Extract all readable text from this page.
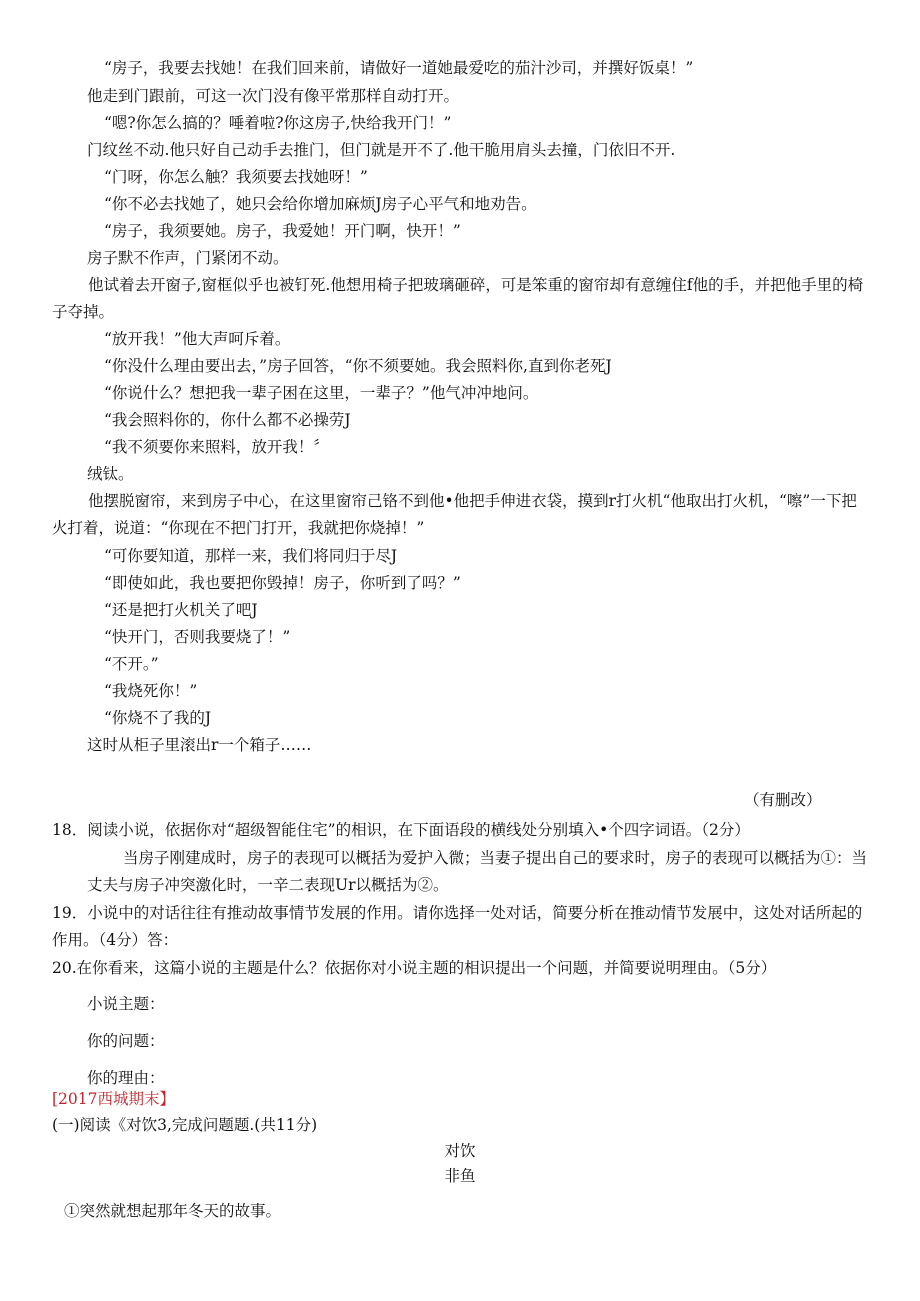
“房子，我要去找她！在我们回来前，请做好一道她最爱吃的茄汁沙司，并撰好饭桌！”
他走到门跟前，可这一次门没有像平常那样自动打开。
“嗯?你怎么搞的？唾着啦?你这房子,快给我开门！”
门纹丝不动.他只好自己动手去推门，但门就是开不了.他干脆用肩头去撞，门依旧不开.
“门呀，你怎么触？我须要去找她呀！”
“你不必去找她了，她只会给你增加麻烦J房子心平气和地劝告。
“房子，我须要她。房子，我爱她！开门啊，快开！”
房子默不作声，门紧闭不动。
他试着去开窗子,窗框似乎也被钉死.他想用椅子把玻璃砸碎，可是笨重的窗帘却有意缠住f他的手，并把他手里的椅子夺掉。
“放开我！”他大声呵斥着。
“你没什么理由要出去，”房子回答，“你不须要她。我会照料你,直到你老死J
“你说什么？想把我一辈子困在这里，一辈子？”他气冲冲地问。
“我会照料你的，你什么都不必操劳J
“我不须要你来照料，放开我！〞
绒钛。
他摆脱窗帘，来到房子中心，在这里窗帘己铬不到他•他把手伸进衣袋，摸到r打火机“他取出打火机，“嚓”一下把火打着，说道：“你现在不把门打开，我就把你烧掉！”
“可你要知道，那样一来，我们将同归于尽J
“即使如此，我也要把你毁掉！房子，你听到了吗？”
“还是把打火机关了吧J
“快开门，否则我要烧了！”
“不开。”
“我烧死你！”
“你烧不了我的J
这时从柜子里滚出r一个箱子……
（有删改）
18．阅读小说，依据你对“超级智能住宅”的相识，在下面语段的横线处分别填入•个四字词语。（2分）
当房子刚建成时，房子的表现可以概括为爱护入微；当妻子提出自己的要求时，房子的表现可以概括为①：当丈夫与房子冲突激化时，一辛二表现Ur以概括为②。
19．小说中的对话往往有推动故事情节发展的作用。请你选择一处对话，简要分析在推动情节发展中，这处对话所起的作用。（4分）答：
20.在你看来，这篇小说的主题是什么？依据你对小说主题的相识提出一个问题，并简要说明理由。（5分）
小说主题：
你的问题：
你的理由：
[2017西城期末】
(一)阅读《对饮3,完成问题题.(共11分)
对饮
非鱼
①突然就想起那年冬天的故事。
